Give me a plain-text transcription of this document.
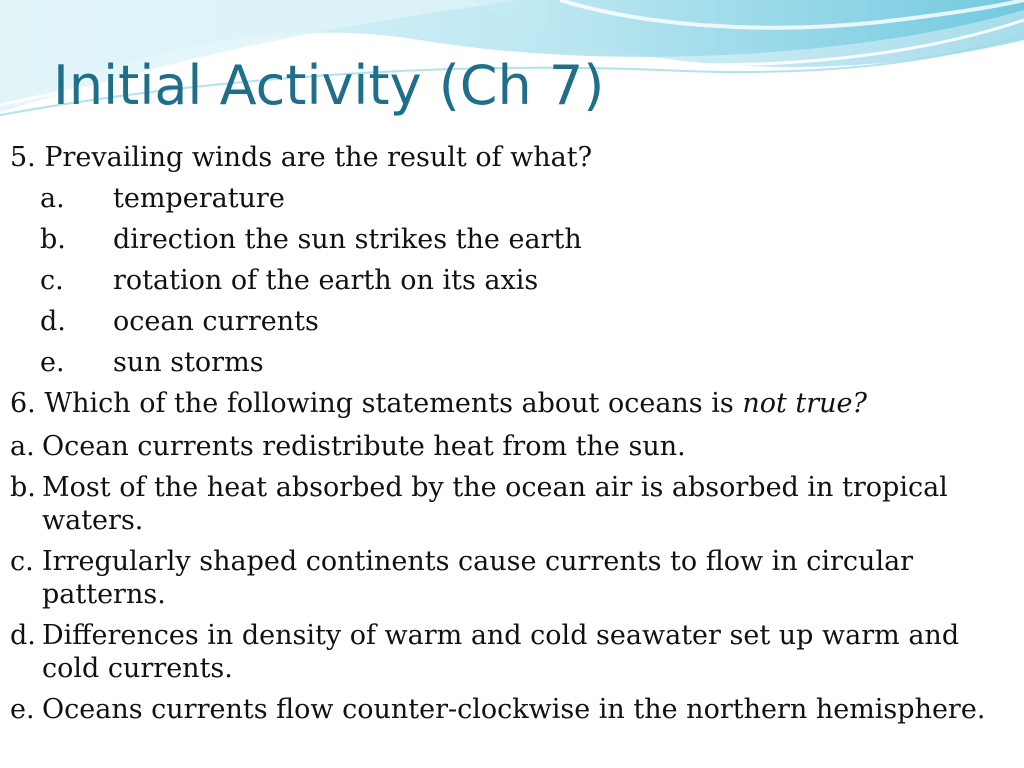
Initial Activity (Ch 7)
5. Prevailing winds are the result of what?
a. temperature
b. direction the sun strikes the earth
c. rotation of the earth on its axis
d. ocean currents
e. sun storms
6. Which of the following statements about oceans is not true?
a. Ocean currents redistribute heat from the sun.
b. Most of the heat absorbed by the ocean air is absorbed in tropical waters.
c. Irregularly shaped continents cause currents to flow in circular patterns.
d. Differences in density of warm and cold seawater set up warm and cold currents.
e. Oceans currents flow counter-clockwise in the northern hemisphere.
